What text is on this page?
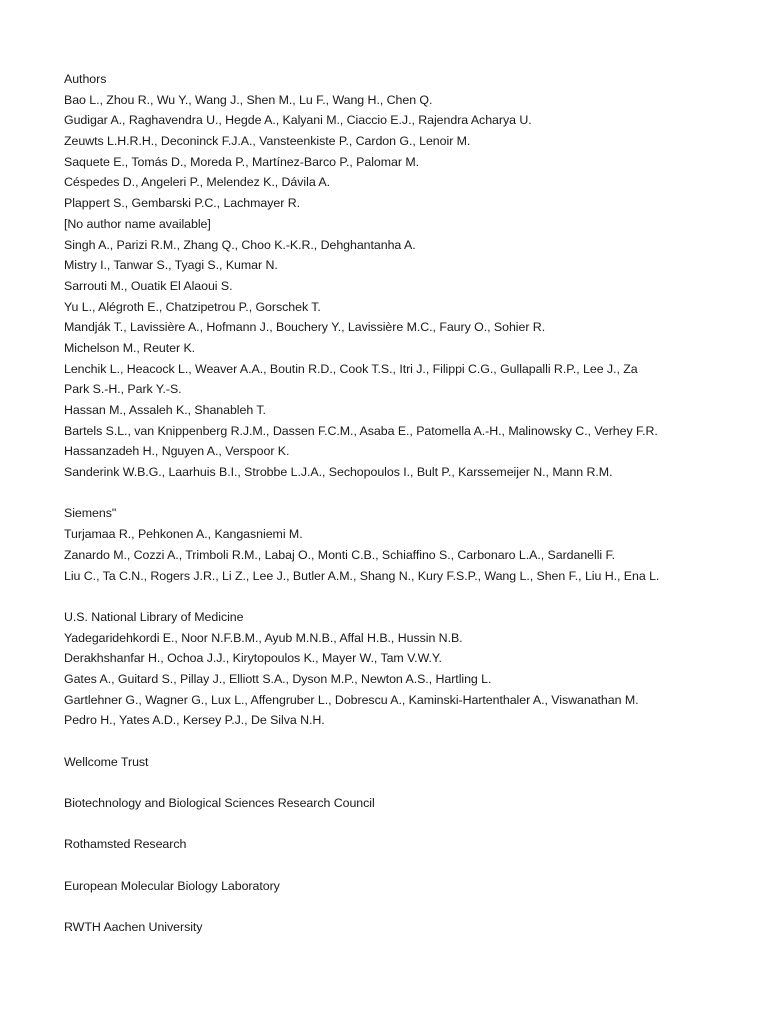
Authors
Bao L., Zhou R., Wu Y., Wang J., Shen M., Lu F., Wang H., Chen Q.
Gudigar A., Raghavendra U., Hegde A., Kalyani M., Ciaccio E.J., Rajendra Acharya U.
Zeuwts L.H.R.H., Deconinck F.J.A., Vansteenkiste P., Cardon G., Lenoir M.
Saquete E., Tomás D., Moreda P., Martínez-Barco P., Palomar M.
Céspedes D., Angeleri P., Melendez K., Dávila A.
Plappert S., Gembarski P.C., Lachmayer R.
[No author name available]
Singh A., Parizi R.M., Zhang Q., Choo K.-K.R., Dehghantanha A.
Mistry I., Tanwar S., Tyagi S., Kumar N.
Sarrouti M., Ouatik El Alaoui S.
Yu L., Alégroth E., Chatzipetrou P., Gorschek T.
Mandják T., Lavissière A., Hofmann J., Bouchery Y., Lavissière M.C., Faury O., Sohier R.
Michelson M., Reuter K.
Lenchik L., Heacock L., Weaver A.A., Boutin R.D., Cook T.S., Itri J., Filippi C.G., Gullapalli R.P., Lee J., Za
Park S.-H., Park Y.-S.
Hassan M., Assaleh K., Shanableh T.
Bartels S.L., van Knippenberg R.J.M., Dassen F.C.M., Asaba E., Patomella A.-H., Malinowsky C., Verhey F.R.
Hassanzadeh H., Nguyen A., Verspoor K.
Sanderink W.B.G., Laarhuis B.I., Strobbe L.J.A., Sechopoulos I., Bult P., Karssemeijer N., Mann R.M.
Siemens"
Turjamaa R., Pehkonen A., Kangasniemi M.
Zanardo M., Cozzi A., Trimboli R.M., Labaj O., Monti C.B., Schiaffino S., Carbonaro L.A., Sardanelli F.
Liu C., Ta C.N., Rogers J.R., Li Z., Lee J., Butler A.M., Shang N., Kury F.S.P., Wang L., Shen F., Liu H., Ena L.
U.S. National Library of Medicine
Yadegaridehkordi E., Noor N.F.B.M., Ayub M.N.B., Affal H.B., Hussin N.B.
Derakhshanfar H., Ochoa J.J., Kirytopoulos K., Mayer W., Tam V.W.Y.
Gates A., Guitard S., Pillay J., Elliott S.A., Dyson M.P., Newton A.S., Hartling L.
Gartlehner G., Wagner G., Lux L., Affengruber L., Dobrescu A., Kaminski-Hartenthaler A., Viswanathan M.
Pedro H., Yates A.D., Kersey P.J., De Silva N.H.
Wellcome Trust
Biotechnology and Biological Sciences Research Council
Rothamsted Research
European Molecular Biology Laboratory
RWTH Aachen University
